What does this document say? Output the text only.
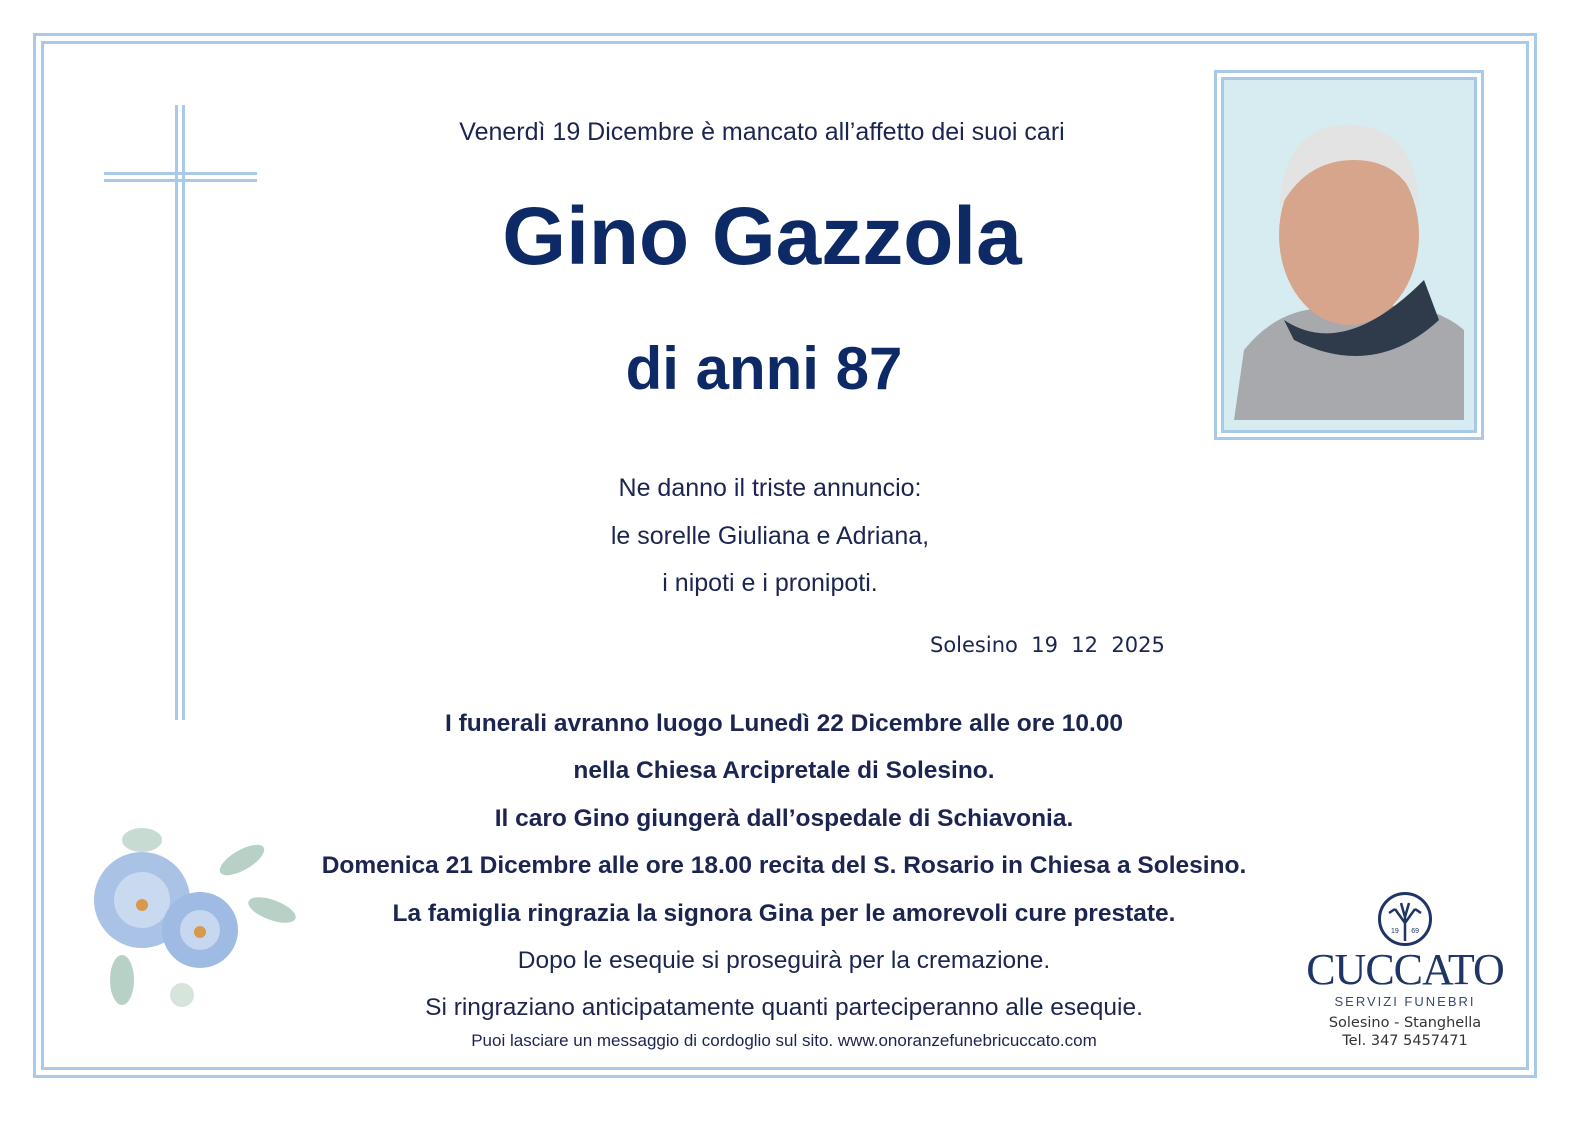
Venerdì 19 Dicembre è mancato all’affetto dei suoi cari
Gino Gazzola
di anni 87
Ne danno il triste annuncio:
le sorelle Giuliana e Adriana,
i nipoti e i pronipoti.
Solesino  19  12  2025
I funerali avranno luogo Lunedì 22 Dicembre alle ore 10.00
nella Chiesa Arcipretale di Solesino.
Il caro Gino giungerà dall’ospedale di Schiavonia.
Domenica 21 Dicembre alle ore 18.00 recita del S. Rosario in Chiesa a Solesino.
La famiglia ringrazia la signora Gina per le amorevoli cure prestate.
Dopo le esequie si proseguirà per la cremazione.
Si ringraziano anticipatamente quanti parteciperanno alle esequie.
Puoi lasciare un messaggio di cordoglio sul sito. www.onoranzefunebricuccato.com
19 69
CUCCATO
SERVIZI FUNEBRI
Solesino - Stanghella
Tel. 347 5457471
